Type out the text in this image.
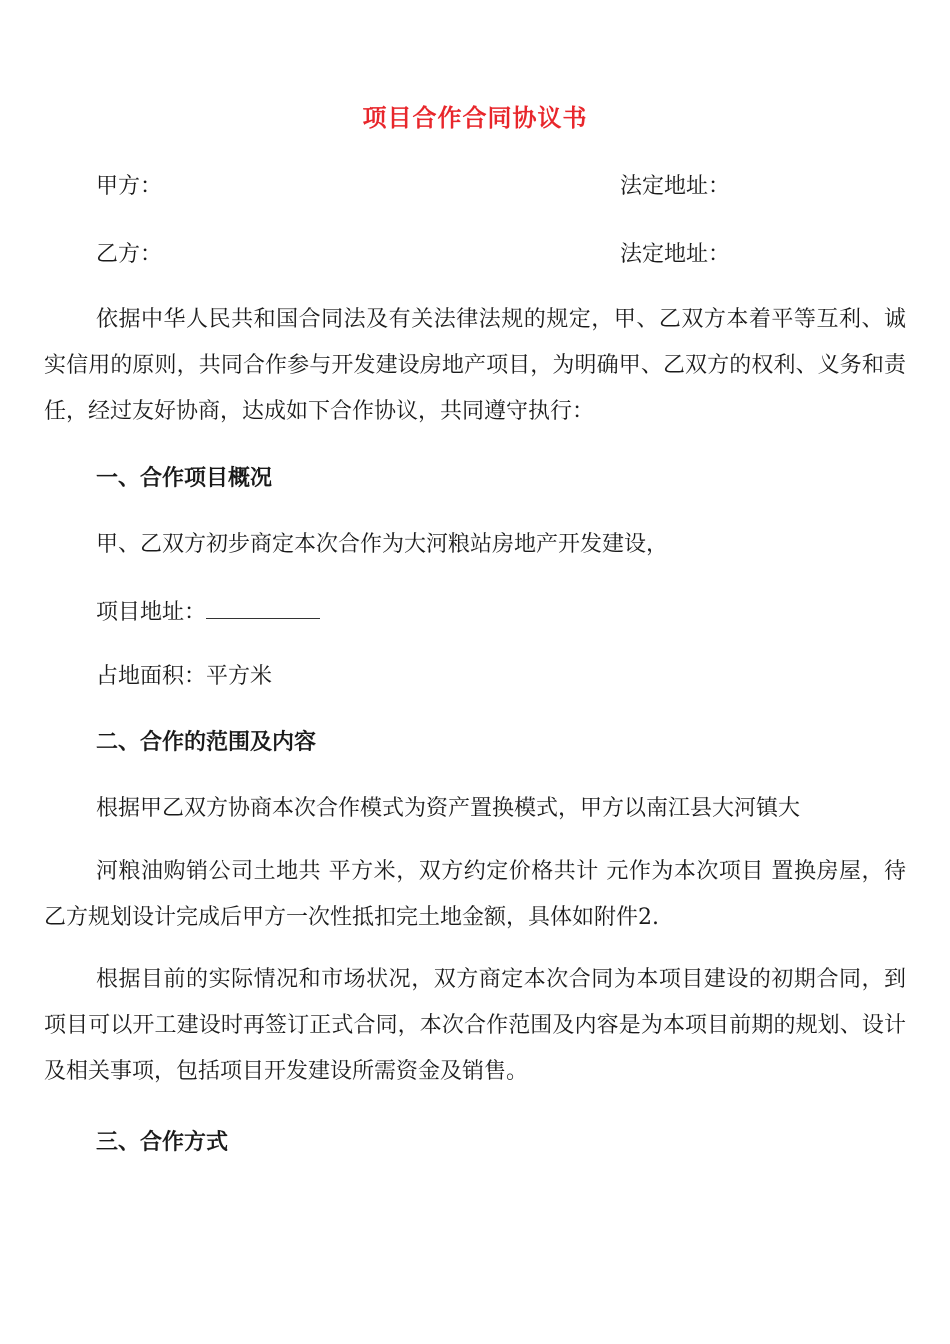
项目合作合同协议书
甲方：	法定地址：
乙方：	法定地址：

依据中华人民共和国合同法及有关法律法规的规定，甲、乙双方本着平等互利、诚实信用的原则，共同合作参与开发建设房地产项目，为明确甲、乙双方的权利、义务和责任，经过友好协商，达成如下合作协议，共同遵守执行：

一、合作项目概况
甲、乙双方初步商定本次合作为大河粮站房地产开发建设，
项目地址：
占地面积：平方米
二、合作的范围及内容
根据甲乙双方协商本次合作模式为资产置换模式，甲方以南江县大河镇大

河粮油购销公司土地共 平方米，双方约定价格共计 元作为本次项目 置换房屋，待乙方规划设计完成后甲方一次性抵扣完土地金额，具体如附件2.

根据目前的实际情况和市场状况，双方商定本次合同为本项目建设的初期合同，到项目可以开工建设时再签订正式合同，本次合作范围及内容是为本项目前期的规划、设计及相关事项，包括项目开发建设所需资金及销售。

三、合作方式
